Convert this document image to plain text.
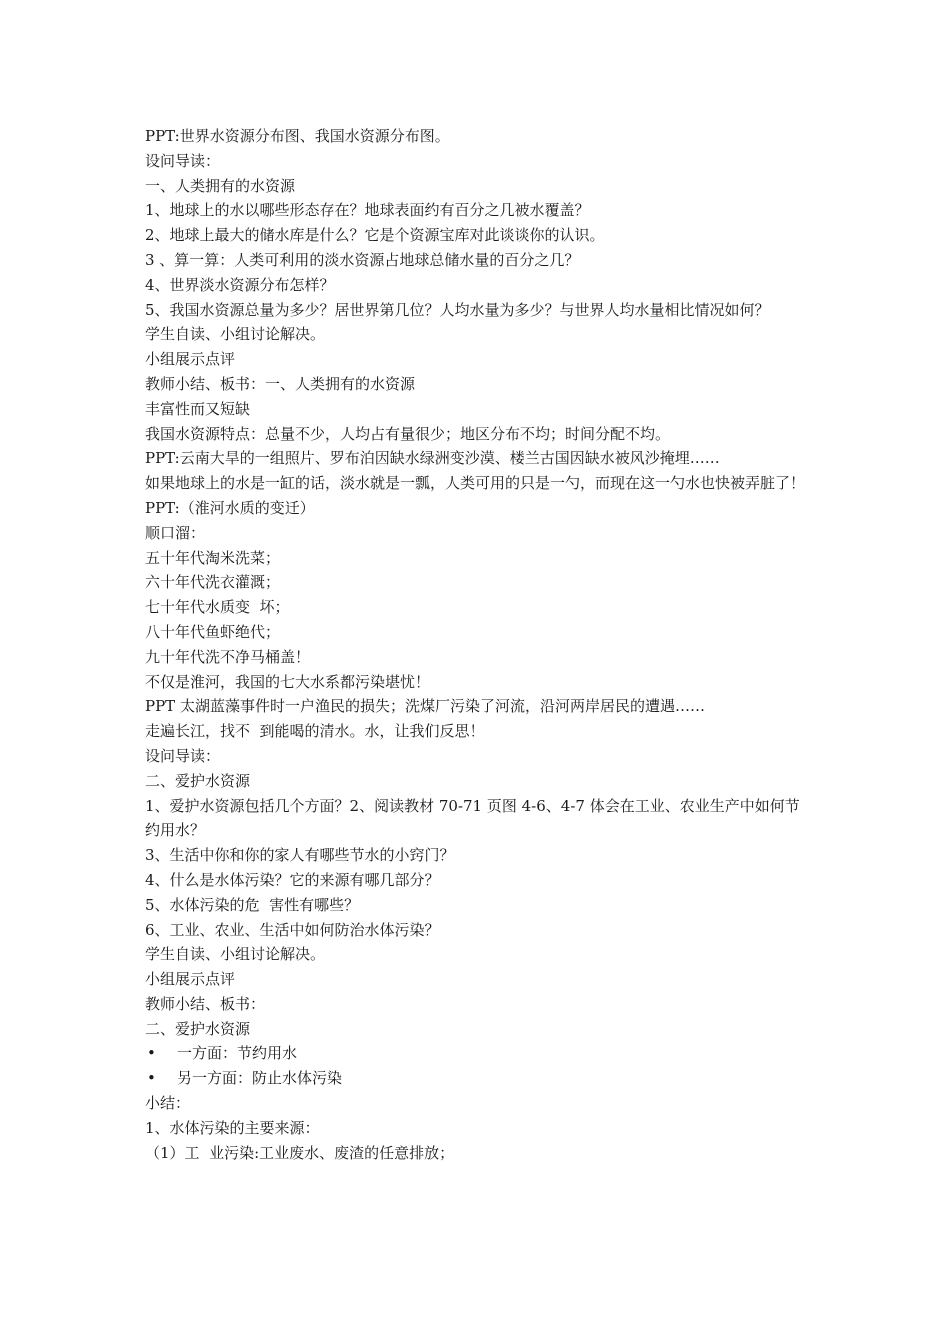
PPT:世界水资源分布图、我国水资源分布图。

设问导读：

一、人类拥有的水资源

1、地球上的水以哪些形态存在？地球表面约有百分之几被水覆盖？

2、地球上最大的储水库是什么？它是个资源宝库对此谈谈你的认识。

3 、算一算：人类可利用的淡水资源占地球总储水量的百分之几？

4、世界淡水资源分布怎样？

5、我国水资源总量为多少？居世界第几位？人均水量为多少？与世界人均水量相比情况如何？

学生自读、小组讨论解决。

小组展示点评

教师小结、板书：一、人类拥有的水资源

丰富性而又短缺

我国水资源特点：总量不少，人均占有量很少；地区分布不均；时间分配不均。

PPT:云南大旱的一组照片、罗布泊因缺水绿洲变沙漠、楼兰古国因缺水被风沙掩埋……

如果地球上的水是一缸的话，淡水就是一瓢，人类可用的只是一勺，而现在这一勺水也快被弄脏了！

PPT:（淮河水质的变迁）

顺口溜：

五十年代淘米洗菜；

六十年代洗衣灌溉；

七十年代水质变  坏；

八十年代鱼虾绝代；

九十年代洗不净马桶盖！

不仅是淮河，我国的七大水系都污染堪忧！

PPT 太湖蓝藻事件时一户渔民的损失；洗煤厂污染了河流，沿河两岸居民的遭遇……

走遍长江，找不  到能喝的清水。水，让我们反思！

设问导读：

二、爱护水资源

1、爱护水资源包括几个方面？2、阅读教材 70-71 页图 4-6、4-7 体会在工业、农业生产中如何节约用水？

3、生活中你和你的家人有哪些节水的小窍门？

4、什么是水体污染？它的来源有哪几部分？

5、水体污染的危  害性有哪些？

6、工业、农业、生活中如何防治水体污染？

学生自读、小组讨论解决。

小组展示点评

教师小结、板书：

二、爱护水资源

•	一方面：节约用水
•	另一方面：防止水体污染

小结：

1、水体污染的主要来源：

（1）工  业污染:工业废水、废渣的任意排放；
